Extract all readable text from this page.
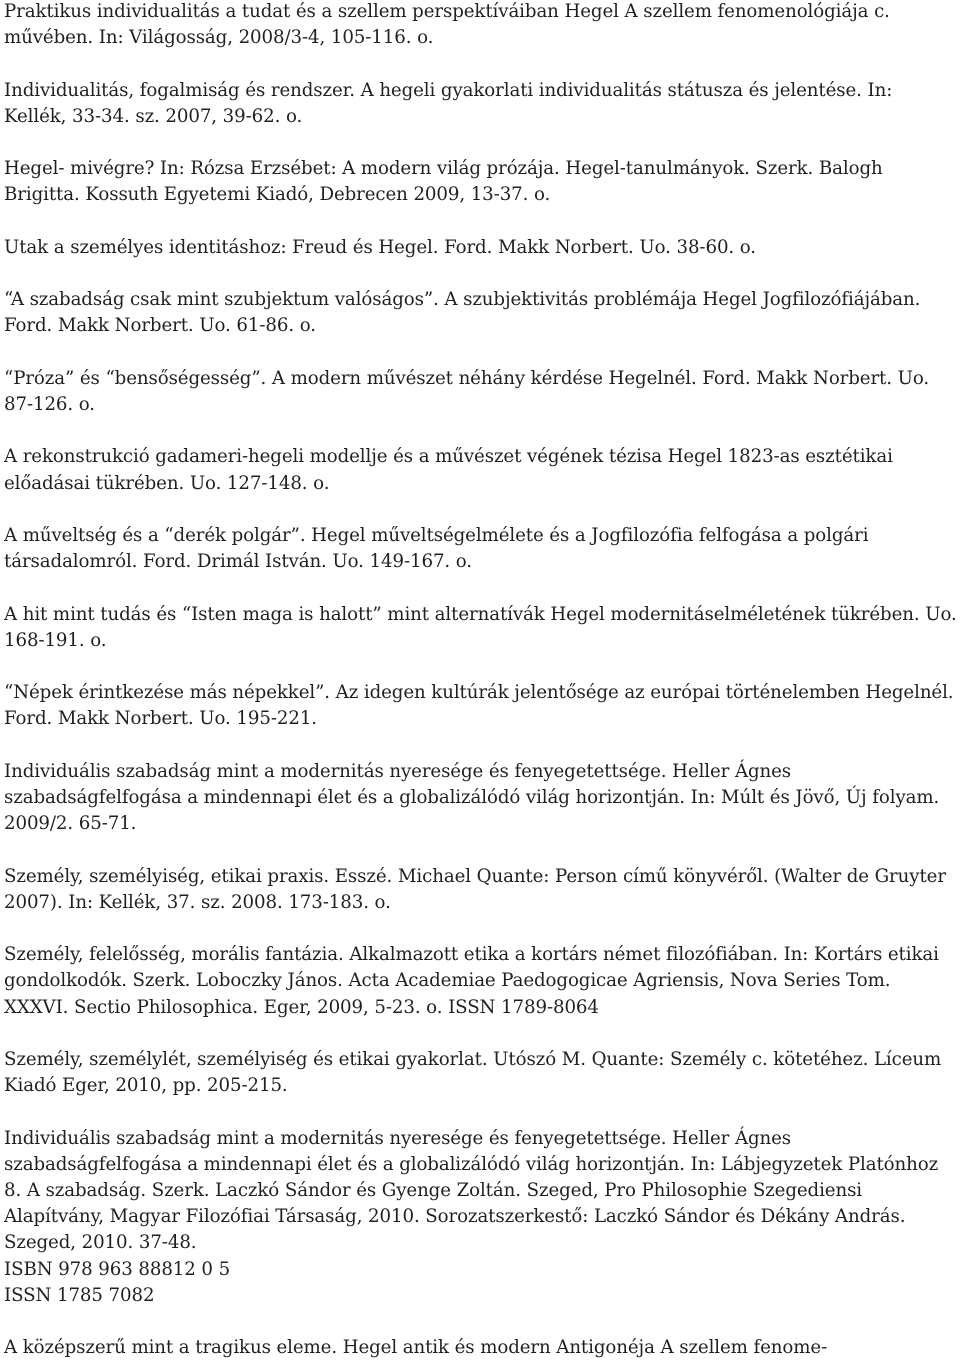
Praktikus individualitás a tudat és a szellem perspektíváiban Hegel A szellem fenomenológiája c. művében. In: Világosság, 2008/3-4, 105-116. o.

Individualitás, fogalmiság és rendszer. A hegeli gyakorlati individualitás státusza és jelentése. In: Kellék, 33-34. sz. 2007, 39-62. o.

Hegel- mivégre? In: Rózsa Erzsébet: A modern világ prózája. Hegel-tanulmányok. Szerk. Balogh Brigitta. Kossuth Egyetemi Kiadó, Debrecen 2009, 13-37. o.

Utak a személyes identitáshoz: Freud és Hegel. Ford. Makk Norbert. Uo. 38-60. o.

“A szabadság csak mint szubjektum valóságos”. A szubjektivitás problémája Hegel Jogfilozófiájában. Ford. Makk Norbert. Uo. 61-86. o.

“Próza” és “bensőségesség”. A modern művészet néhány kérdése Hegelnél. Ford. Makk Norbert. Uo. 87-126. o.

A rekonstrukció gadameri-hegeli modellje és a művészet végének tézisa Hegel 1823-as esztétikai előadásai tükrében. Uo. 127-148. o.

A műveltség és a “derék polgár”. Hegel műveltségelmélete és a Jogfilozófia felfogása a polgári társadalomról. Ford. Drimál István. Uo. 149-167. o.

A hit mint tudás és “Isten maga is halott” mint alternatívák Hegel modernitáselméletének tükrében. Uo. 168-191. o.

“Népek érintkezése más népekkel”. Az idegen kultúrák jelentősége az európai történelemben Hegelnél. Ford. Makk Norbert. Uo. 195-221.

Individuális szabadság mint a modernitás nyeresége és fenyegetettsége. Heller Ágnes szabadságfelfogása a mindennapi élet és a globalizálódó világ horizontján. In: Múlt és Jövő, Új folyam. 2009/2. 65-71.

Személy, személyiség, etikai praxis. Esszé. Michael Quante: Person című könyvéről. (Walter de Gruyter 2007). In: Kellék, 37. sz. 2008. 173-183. o.

Személy, felelősség, morális fantázia. Alkalmazott etika a kortárs német filozófiában. In: Kortárs etikai gondolkodók. Szerk. Loboczky János. Acta Academiae Paedogogicae Agriensis, Nova Series Tom. XXXVI. Sectio Philosophica. Eger, 2009, 5-23. o. ISSN 1789-8064

Személy, személylét, személyiség és etikai gyakorlat. Utószó M. Quante: Személy c. kötetéhez. Líceum Kiadó Eger, 2010, pp. 205-215.

Individuális szabadság mint a modernitás nyeresége és fenyegetettsége. Heller Ágnes szabadságfelfogása a mindennapi élet és a globalizálódó világ horizontján. In: Lábjegyzetek Platónhoz 8. A szabadság. Szerk. Laczkó Sándor és Gyenge Zoltán. Szeged, Pro Philosophie Szegediensi Alapítvány, Magyar Filozófiai Társaság, 2010. Sorozatszerkestő: Laczkó Sándor és Dékány András. Szeged, 2010. 37-48.

ISBN 978 963 88812 0 5

ISSN 1785 7082

A középszerű mint a tragikus eleme. Hegel antik és modern Antigonéja A szellem fenome-
